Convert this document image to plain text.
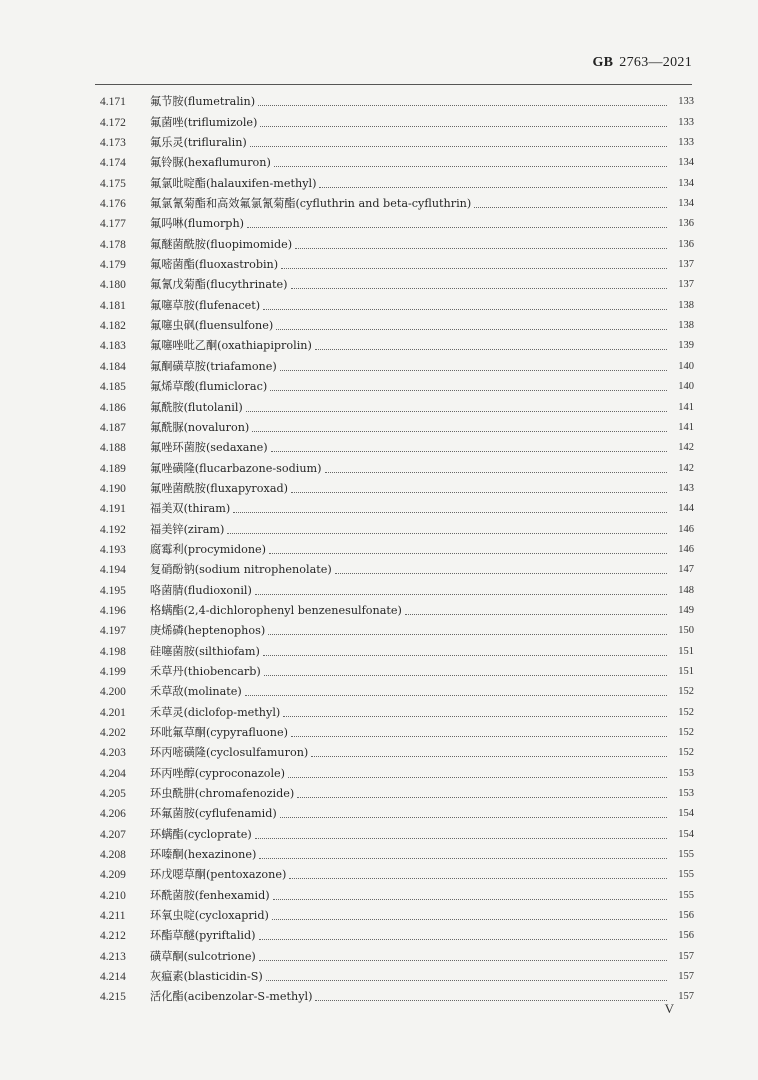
GB 2763—2021
4.171	氟节胺(flumetralin)	133
4.172	氟菌唑(triflumizole)	133
4.173	氟乐灵(trifluralin)	133
4.174	氟铃脲(hexaflumuron)	134
4.175	氟氯吡啶酯(halauxifen-methyl)	134
4.176	氟氯氰菊酯和高效氟氯氰菊酯(cyfluthrin and beta-cyfluthrin)	134
4.177	氟吗啉(flumorph)	136
4.178	氟醚菌酰胺(fluopimomide)	136
4.179	氟嘧菌酯(fluoxastrobin)	137
4.180	氟氰戊菊酯(flucythrinate)	137
4.181	氟噻草胺(flufenacet)	138
4.182	氟噻虫砜(fluensulfone)	138
4.183	氟噻唑吡乙酮(oxathiapiprolin)	139
4.184	氟酮磺草胺(triafamone)	140
4.185	氟烯草酸(flumiclorac)	140
4.186	氟酰胺(flutolanil)	141
4.187	氟酰脲(novaluron)	141
4.188	氟唑环菌胺(sedaxane)	142
4.189	氟唑磺隆(flucarbazone-sodium)	142
4.190	氟唑菌酰胺(fluxapyroxad)	143
4.191	福美双(thiram)	144
4.192	福美锌(ziram)	146
4.193	腐霉利(procymidone)	146
4.194	复硝酚钠(sodium nitrophenolate)	147
4.195	咯菌腈(fludioxonil)	148
4.196	格螨酯(2,4-dichlorophenyl benzenesulfonate)	149
4.197	庚烯磷(heptenophos)	150
4.198	硅噻菌胺(silthiofam)	151
4.199	禾草丹(thiobencarb)	151
4.200	禾草敌(molinate)	152
4.201	禾草灵(diclofop-methyl)	152
4.202	环吡氟草酮(cypyrafluone)	152
4.203	环丙嘧磺隆(cyclosulfamuron)	152
4.204	环丙唑醇(cyproconazole)	153
4.205	环虫酰肼(chromafenozide)	153
4.206	环氟菌胺(cyflufenamid)	154
4.207	环螨酯(cycloprate)	154
4.208	环嗪酮(hexazinone)	155
4.209	环戊噁草酮(pentoxazone)	155
4.210	环酰菌胺(fenhexamid)	155
4.211	环氧虫啶(cycloxaprid)	156
4.212	环酯草醚(pyriftalid)	156
4.213	磺草酮(sulcotrione)	157
4.214	灰瘟素(blasticidin-S)	157
4.215	活化酯(acibenzolar-S-methyl)	157
V
